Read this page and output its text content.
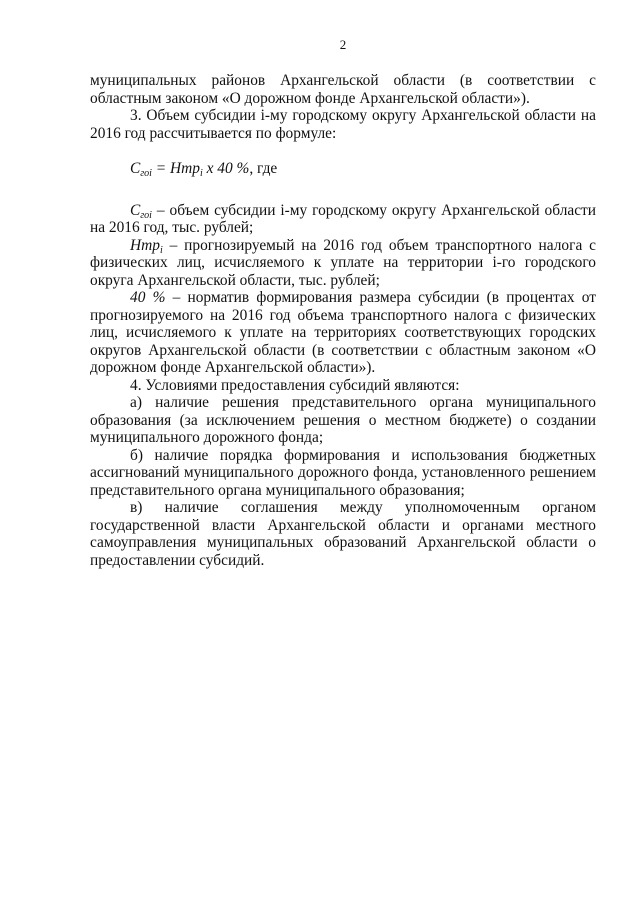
2

муниципальных районов Архангельской области (в соответствии с областным законом «О дорожном фонде Архангельской области»).

3. Объем субсидии i-му городскому округу Архангельской области на 2016 год рассчитывается по формуле:

$С_{гоi} = Нтр_i$ x 40 %, где

$С_{гоi}$ – объем субсидии i-му городскому округу Архангельской области на 2016 год, тыс. рублей;

Нтр$_i$ – прогнозируемый на 2016 год объем транспортного налога с физических лиц, исчисляемого к уплате на территории i-го городского округа Архангельской области, тыс. рублей;

40 % – норматив формирования размера субсидии (в процентах от прогнозируемого на 2016 год объема транспортного налога с физических лиц, исчисляемого к уплате на территориях соответствующих городских округов Архангельской области (в соответствии с областным законом «О дорожном фонде Архангельской области»).

4. Условиями предоставления субсидий являются:

а) наличие решения представительного органа муниципального образования (за исключением решения о местном бюджете) о создании муниципального дорожного фонда;

б) наличие порядка формирования и использования бюджетных ассигнований муниципального дорожного фонда, установленного решением представительного органа муниципального образования;

в) наличие соглашения между уполномоченным органом государственной власти Архангельской области и органами местного самоуправления муниципальных образований Архангельской области о предоставлении субсидий.
